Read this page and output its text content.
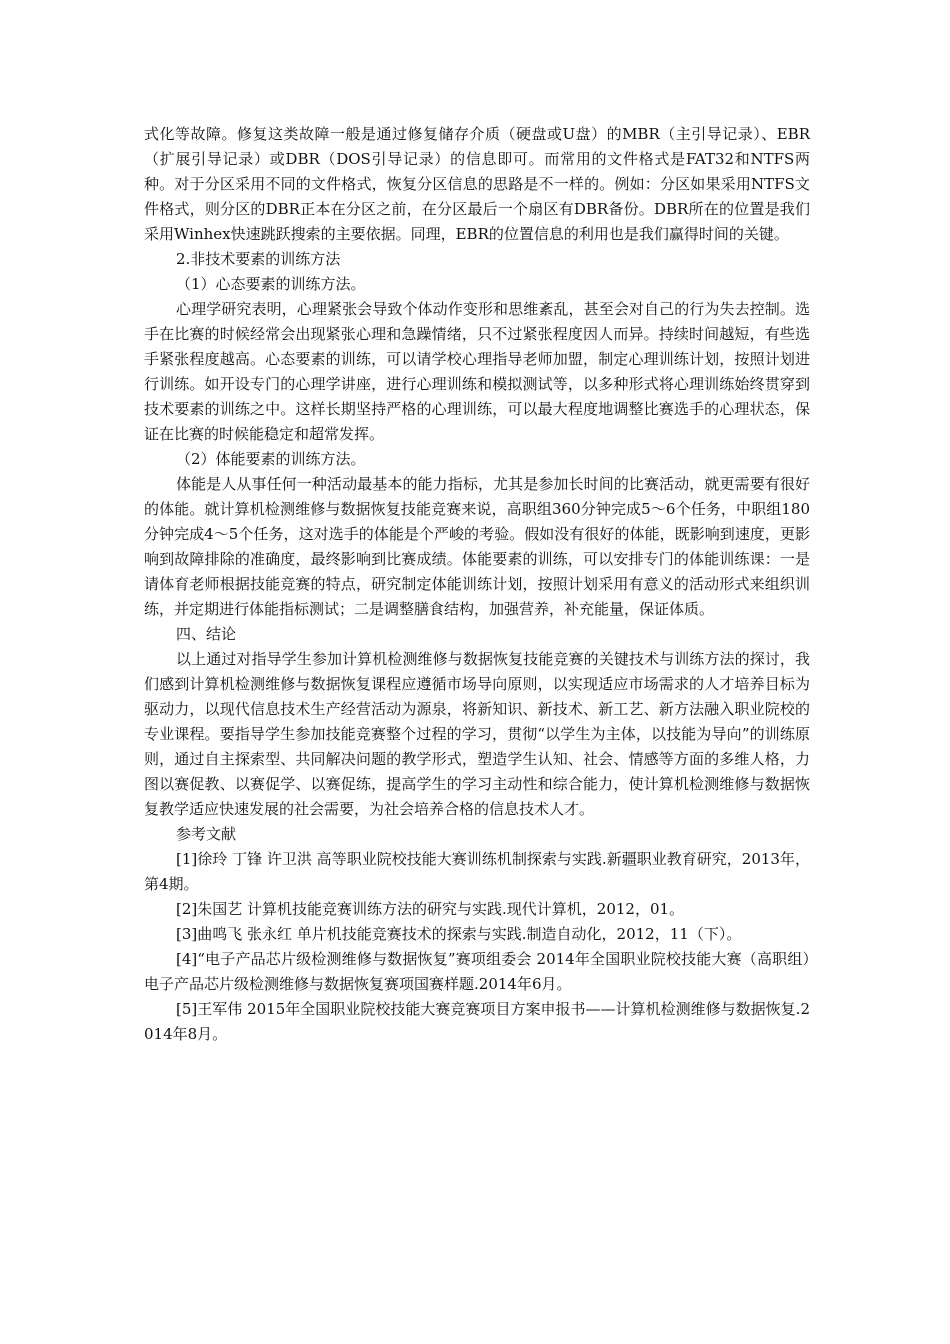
式化等故障。修复这类故障一般是通过修复储存介质（硬盘或U盘）的MBR（主引导记录）、EBR（扩展引导记录）或DBR（DOS引导记录）的信息即可。而常用的文件格式是FAT32和NTFS两种。对于分区采用不同的文件格式，恢复分区信息的思路是不一样的。例如：分区如果采用NTFS文件格式，则分区的DBR正本在分区之前，在分区最后一个扇区有DBR备份。DBR所在的位置是我们采用Winhex快速跳跃搜索的主要依据。同理，EBR的位置信息的利用也是我们赢得时间的关键。

2.非技术要素的训练方法

（1）心态要素的训练方法。

心理学研究表明，心理紧张会导致个体动作变形和思维紊乱，甚至会对自己的行为失去控制。选手在比赛的时候经常会出现紧张心理和急躁情绪，只不过紧张程度因人而异。持续时间越短，有些选手紧张程度越高。心态要素的训练，可以请学校心理指导老师加盟，制定心理训练计划，按照计划进行训练。如开设专门的心理学讲座，进行心理训练和模拟测试等，以多种形式将心理训练始终贯穿到技术要素的训练之中。这样长期坚持严格的心理训练，可以最大程度地调整比赛选手的心理状态，保证在比赛的时候能稳定和超常发挥。

（2）体能要素的训练方法。

体能是人从事任何一种活动最基本的能力指标，尤其是参加长时间的比赛活动，就更需要有很好的体能。就计算机检测维修与数据恢复技能竞赛来说，高职组360分钟完成5～6个任务，中职组180分钟完成4～5个任务，这对选手的体能是个严峻的考验。假如没有很好的体能，既影响到速度，更影响到故障排除的准确度，最终影响到比赛成绩。体能要素的训练，可以安排专门的体能训练课：一是请体育老师根据技能竞赛的特点，研究制定体能训练计划，按照计划采用有意义的活动形式来组织训练，并定期进行体能指标测试；二是调整膳食结构，加强营养，补充能量，保证体质。

四、结论

以上通过对指导学生参加计算机检测维修与数据恢复技能竞赛的关键技术与训练方法的探讨，我们感到计算机检测维修与数据恢复课程应遵循市场导向原则，以实现适应市场需求的人才培养目标为驱动力，以现代信息技术生产经营活动为源泉，将新知识、新技术、新工艺、新方法融入职业院校的专业课程。要指导学生参加技能竞赛整个过程的学习，贯彻“以学生为主体，以技能为导向”的训练原则，通过自主探索型、共同解决问题的教学形式，塑造学生认知、社会、情感等方面的多维人格，力图以赛促教、以赛促学、以赛促练，提高学生的学习主动性和综合能力，使计算机检测维修与数据恢复教学适应快速发展的社会需要，为社会培养合格的信息技术人才。

参考文献

[1]徐玲 丁锋 许卫洪 高等职业院校技能大赛训练机制探索与实践.新疆职业教育研究，2013年，第4期。

[2]朱国艺 计算机技能竞赛训练方法的研究与实践.现代计算机，2012，01。

[3]曲鸣飞 张永红 单片机技能竞赛技术的探索与实践.制造自动化，2012，11（下）。

[4]“电子产品芯片级检测维修与数据恢复”赛项组委会 2014年全国职业院校技能大赛（高职组）电子产品芯片级检测维修与数据恢复赛项国赛样题.2014年6月。

[5]王军伟 2015年全国职业院校技能大赛竞赛项目方案申报书——计算机检测维修与数据恢复.2014年8月。
